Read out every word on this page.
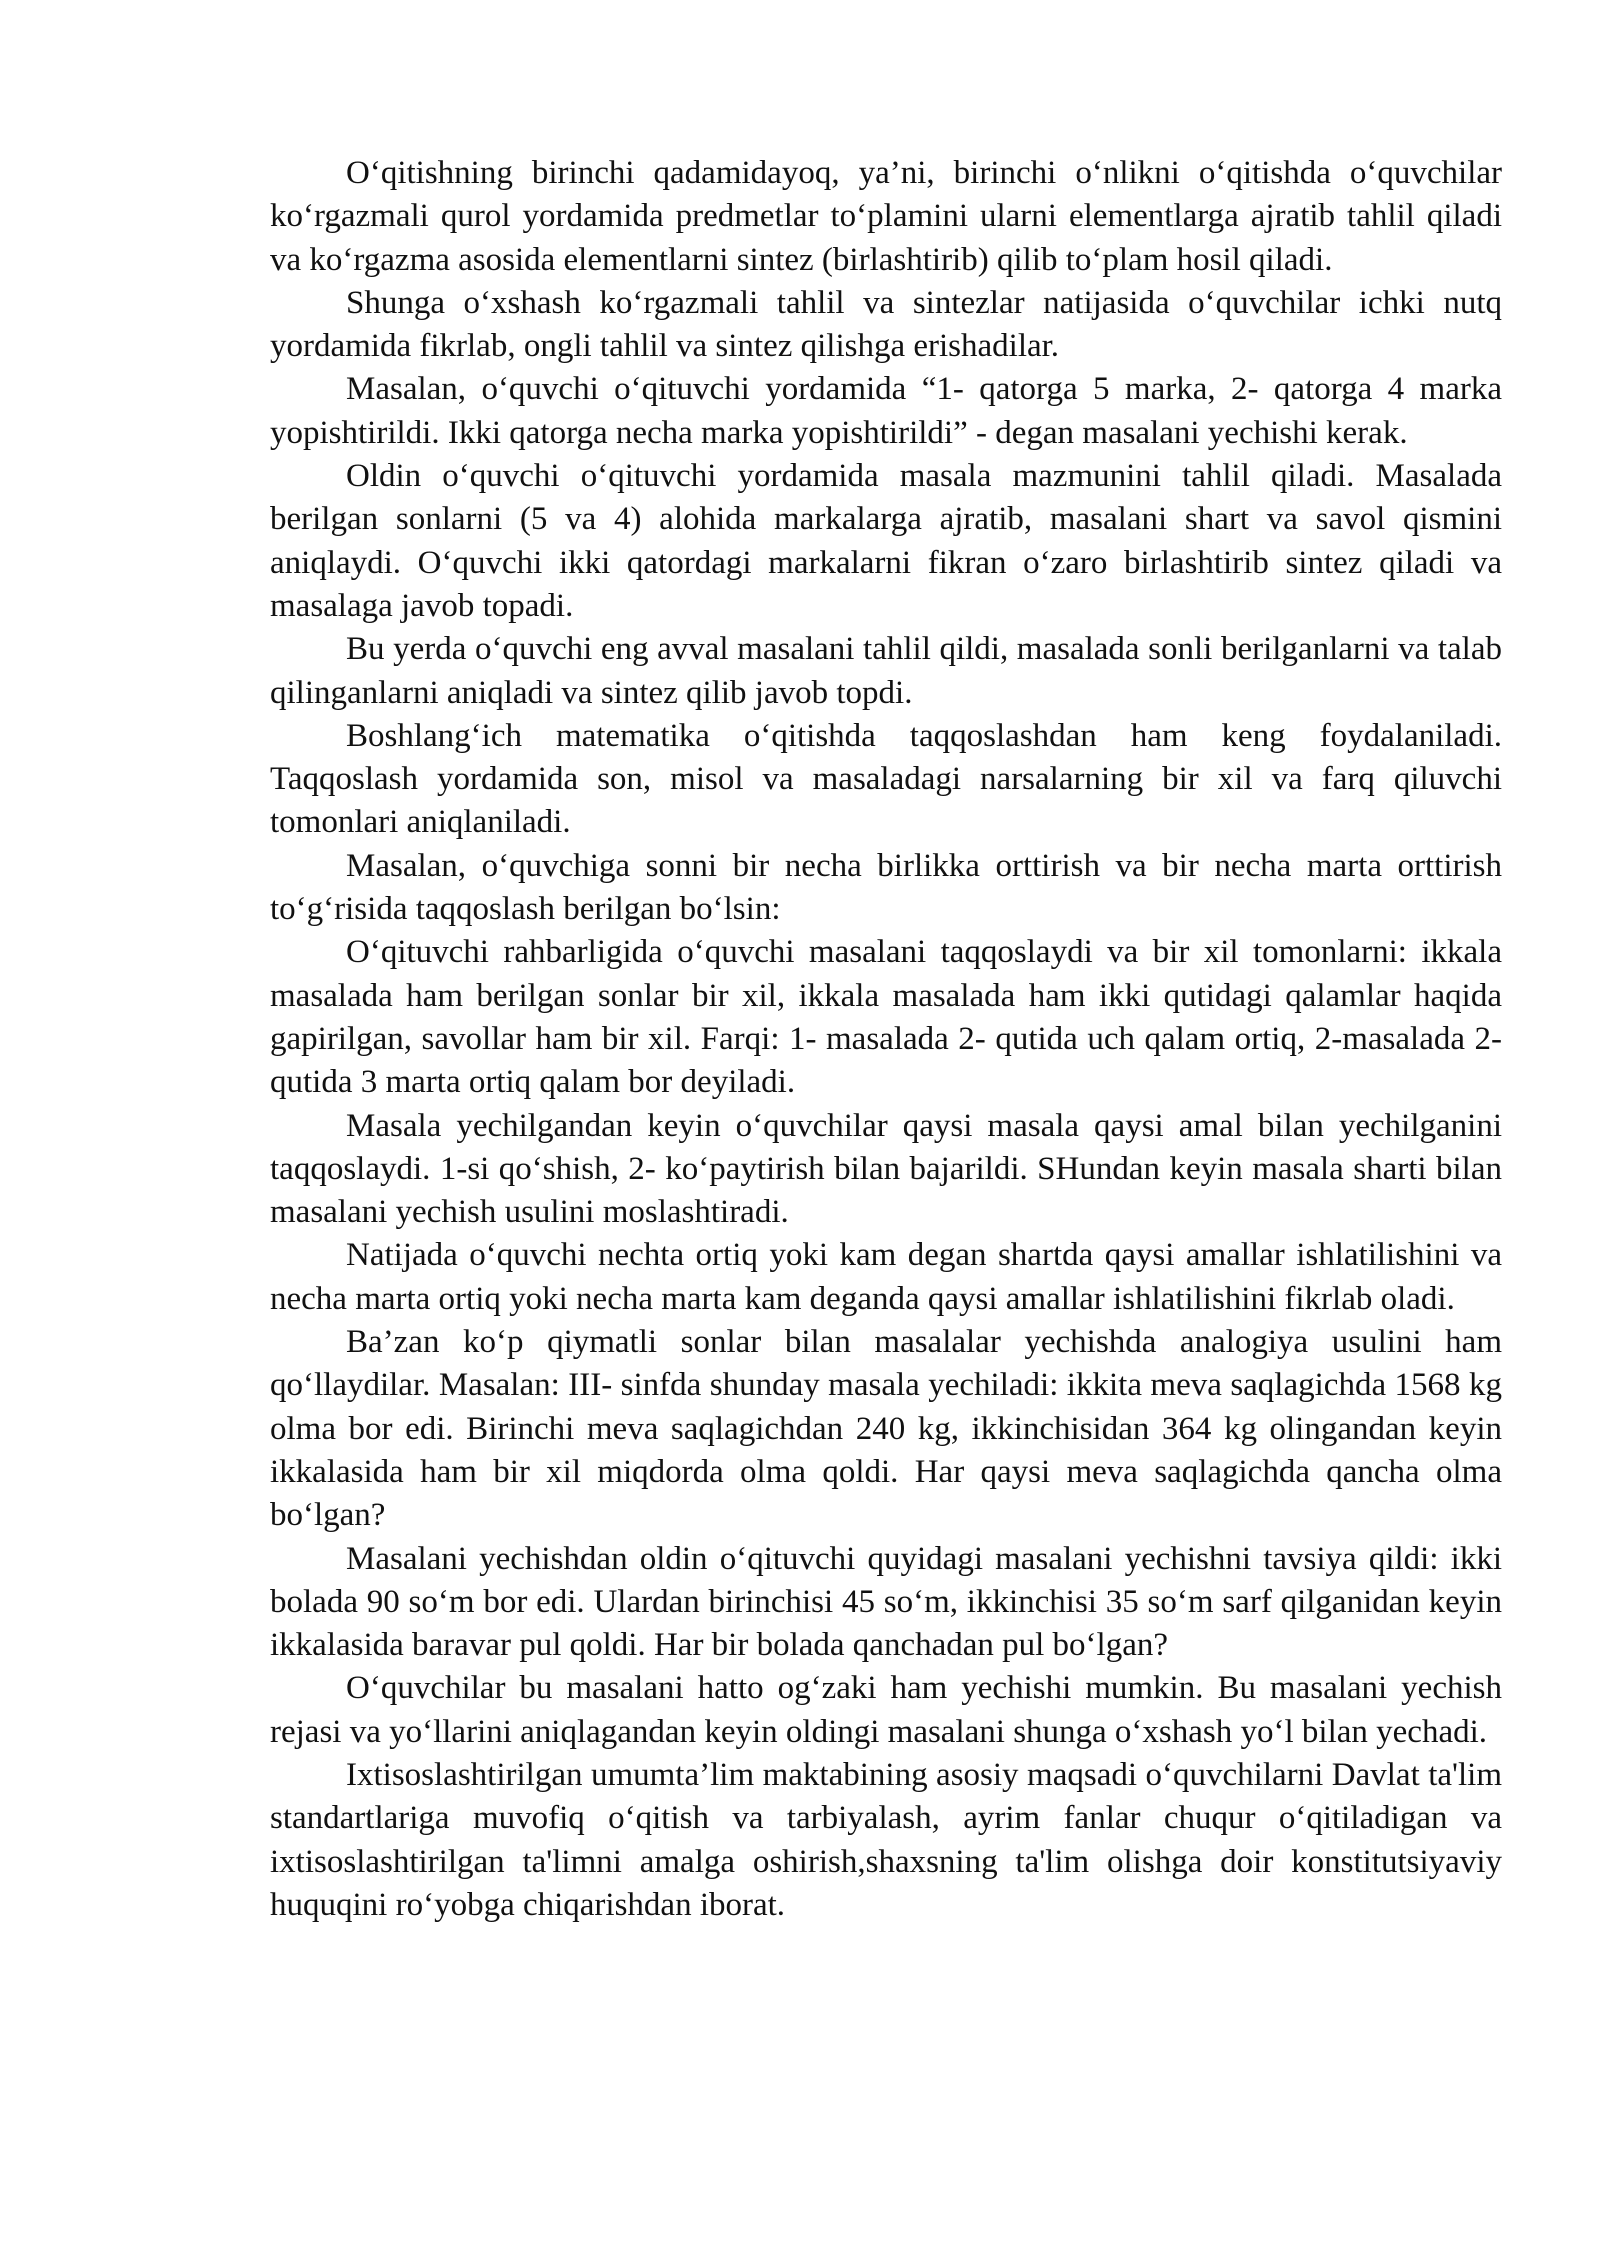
O‘qitishning birinchi qadamidayoq, ya’ni, birinchi o‘nlikni o‘qitishda o‘quvchilar ko‘rgazmali qurol yordamida predmetlar to‘plamini ularni elementlarga ajratib tahlil qiladi va ko‘rgazma asosida elementlarni sintez (birlashtirib) qilib to‘plam hosil qiladi.

Shunga o‘xshash ko‘rgazmali tahlil va sintezlar natijasida o‘quvchilar ichki nutq yordamida fikrlab, ongli tahlil va sintez qilishga erishadilar.

Masalan, o‘quvchi o‘qituvchi yordamida “1- qatorga 5 marka, 2- qatorga 4 marka yopishtirildi. Ikki qatorga necha marka yopishtirildi” - degan masalani yechishi kerak.

Oldin o‘quvchi o‘qituvchi yordamida masala mazmunini tahlil qiladi. Masalada berilgan sonlarni (5 va 4) alohida markalarga ajratib, masalani shart va savol qismini aniqlaydi. O‘quvchi ikki qatordagi markalarni fikran o‘zaro birlashtirib sintez qiladi va masalaga javob topadi.

Bu yerda o‘quvchi eng avval masalani tahlil qildi, masalada sonli berilganlarni va talab qilinganlarni aniqladi va sintez qilib javob topdi.

Boshlang‘ich matematika o‘qitishda taqqoslashdan ham keng foydalaniladi. Taqqoslash yordamida son, misol va masaladagi narsalarning bir xil va farq qiluvchi tomonlari aniqlaniladi.

Masalan, o‘quvchiga sonni bir necha birlikka orttirish va bir necha marta orttirish to‘g‘risida taqqoslash berilgan bo‘lsin:

O‘qituvchi rahbarligida o‘quvchi masalani taqqoslaydi va bir xil tomonlarni: ikkala masalada ham berilgan sonlar bir xil, ikkala masalada ham ikki qutidagi qalamlar haqida gapirilgan, savollar ham bir xil. Farqi: 1- masalada 2- qutida uch qalam ortiq, 2-masalada 2- qutida 3 marta ortiq qalam bor deyiladi.

Masala yechilgandan keyin o‘quvchilar qaysi masala qaysi amal bilan yechilganini taqqoslaydi. 1-si qo‘shish, 2- ko‘paytirish bilan bajarildi. SHundan keyin masala sharti bilan masalani yechish usulini moslashtiradi.

Natijada o‘quvchi nechta ortiq yoki kam degan shartda qaysi amallar ishlatilishini va necha marta ortiq yoki necha marta kam deganda qaysi amallar ishlatilishini fikrlab oladi.

Ba’zan ko‘p qiymatli sonlar bilan masalalar yechishda analogiya usulini ham qo‘llaydilar. Masalan: III- sinfda shunday masala yechiladi: ikkita meva saqlagichda 1568 kg olma bor edi. Birinchi meva saqlagichdan 240 kg, ikkinchisidan 364 kg olingandan keyin ikkalasida ham bir xil miqdorda olma qoldi. Har qaysi meva saqlagichda qancha olma bo‘lgan?

Masalani yechishdan oldin o‘qituvchi quyidagi masalani yechishni tavsiya qildi: ikki bolada 90 so‘m bor edi. Ulardan birinchisi 45 so‘m, ikkinchisi 35 so‘m sarf qilganidan keyin ikkalasida baravar pul qoldi. Har bir bolada qanchadan pul bo‘lgan?

O‘quvchilar bu masalani hatto og‘zaki ham yechishi mumkin. Bu masalani yechish rejasi va yo‘llarini aniqlagandan keyin oldingi masalani shunga o‘xshash yo‘l bilan yechadi.

Ixtisoslashtirilgan umumta’lim maktabining asosiy maqsadi o‘quvchilarni Davlat ta'lim standartlariga muvofiq o‘qitish va tarbiyalash, ayrim fanlar chuqur o‘qitiladigan va ixtisoslashtirilgan ta'limni amalga oshirish,shaxsning ta'lim olishga doir konstitutsiyaviy huquqini ro‘yobga chiqarishdan iborat.
